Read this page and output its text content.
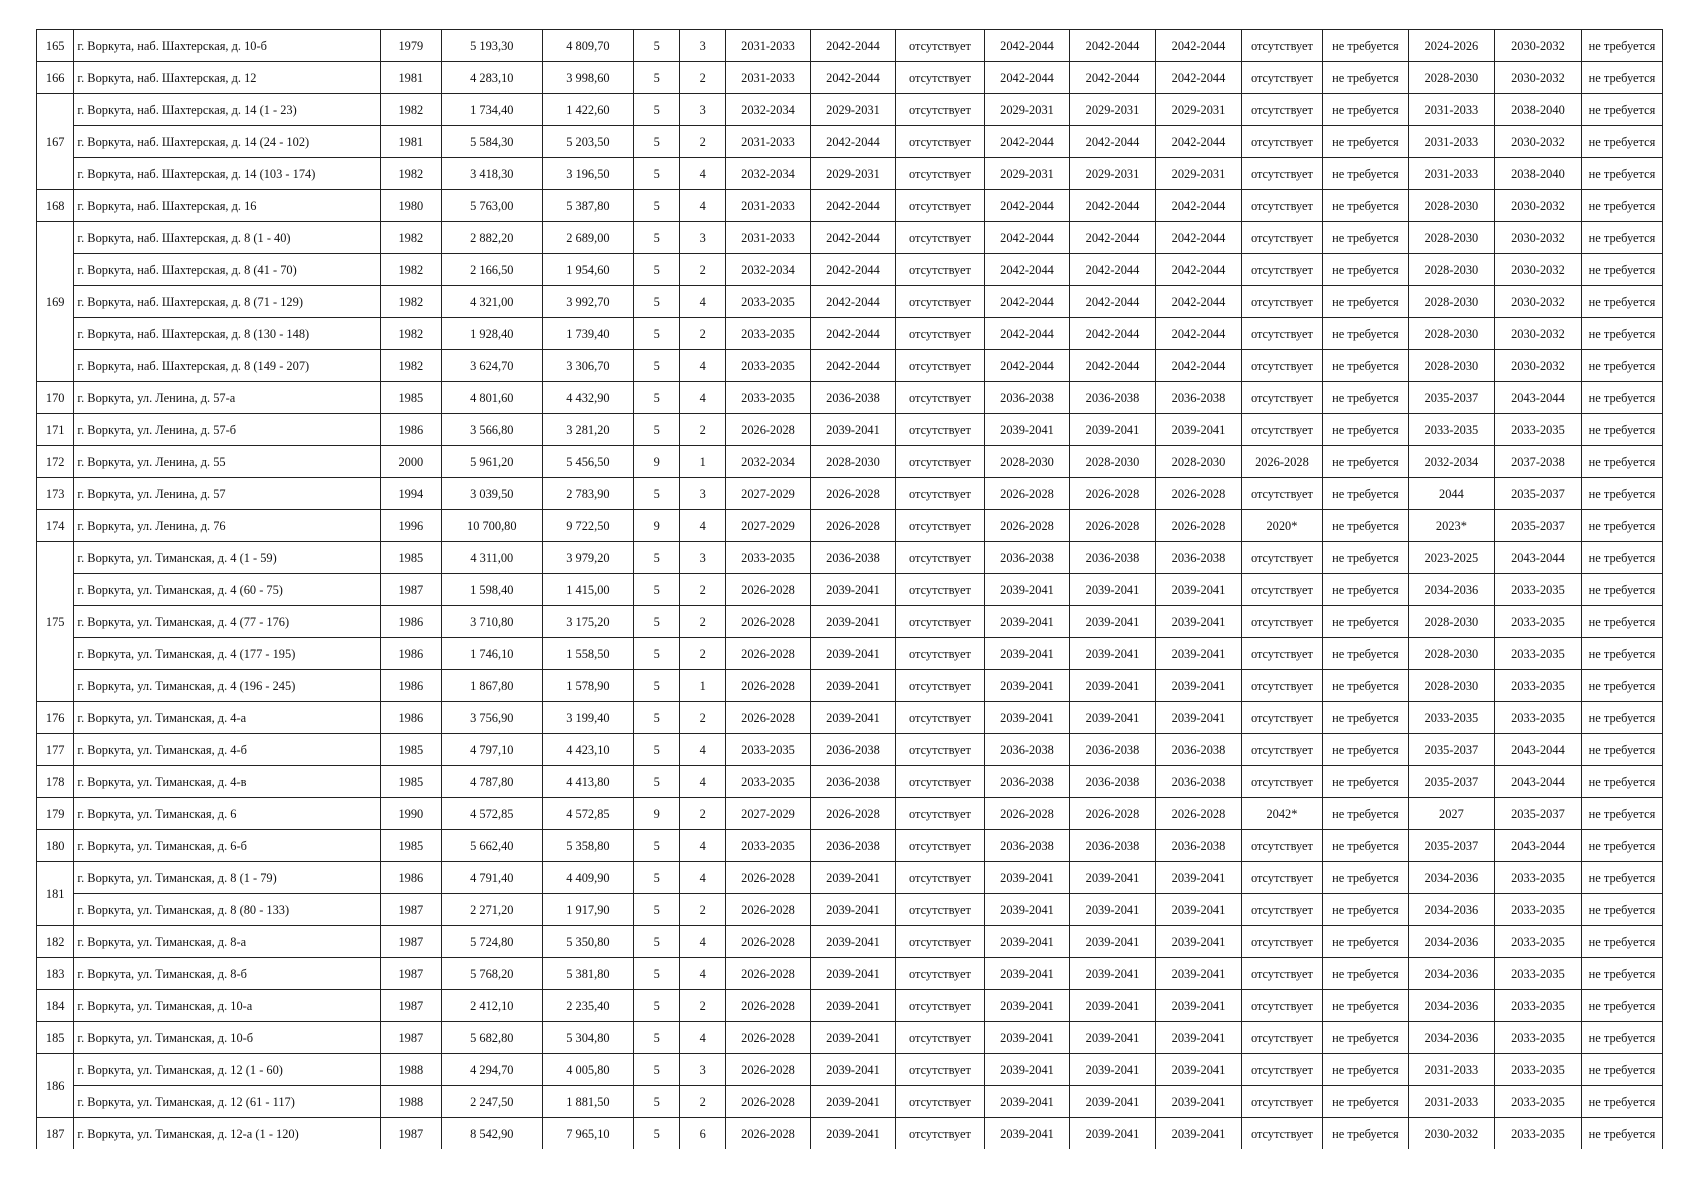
165	г. Воркута, наб. Шахтерская, д. 10-б	1979	5 193,30	4 809,70	5	3	2031-2033	2042-2044	отсутствует	2042-2044	2042-2044	2042-2044	отсутствует	не требуется	2024-2026	2030-2032	не требуется
166	г. Воркута, наб. Шахтерская, д. 12	1981	4 283,10	3 998,60	5	2	2031-2033	2042-2044	отсутствует	2042-2044	2042-2044	2042-2044	отсутствует	не требуется	2028-2030	2030-2032	не требуется
167	г. Воркута, наб. Шахтерская, д. 14 (1 - 23)	1982	1 734,40	1 422,60	5	3	2032-2034	2029-2031	отсутствует	2029-2031	2029-2031	2029-2031	отсутствует	не требуется	2031-2033	2038-2040	не требуется
	г. Воркута, наб. Шахтерская, д. 14 (24 - 102)	1981	5 584,30	5 203,50	5	2	2031-2033	2042-2044	отсутствует	2042-2044	2042-2044	2042-2044	отсутствует	не требуется	2031-2033	2030-2032	не требуется
	г. Воркута, наб. Шахтерская, д. 14 (103 - 174)	1982	3 418,30	3 196,50	5	4	2032-2034	2029-2031	отсутствует	2029-2031	2029-2031	2029-2031	отсутствует	не требуется	2031-2033	2038-2040	не требуется
168	г. Воркута, наб. Шахтерская, д. 16	1980	5 763,00	5 387,80	5	4	2031-2033	2042-2044	отсутствует	2042-2044	2042-2044	2042-2044	отсутствует	не требуется	2028-2030	2030-2032	не требуется
169	г. Воркута, наб. Шахтерская, д. 8 (1 - 40)	1982	2 882,20	2 689,00	5	3	2031-2033	2042-2044	отсутствует	2042-2044	2042-2044	2042-2044	отсутствует	не требуется	2028-2030	2030-2032	не требуется
	г. Воркута, наб. Шахтерская, д. 8 (41 - 70)	1982	2 166,50	1 954,60	5	2	2032-2034	2042-2044	отсутствует	2042-2044	2042-2044	2042-2044	отсутствует	не требуется	2028-2030	2030-2032	не требуется
	г. Воркута, наб. Шахтерская, д. 8 (71 - 129)	1982	4 321,00	3 992,70	5	4	2033-2035	2042-2044	отсутствует	2042-2044	2042-2044	2042-2044	отсутствует	не требуется	2028-2030	2030-2032	не требуется
	г. Воркута, наб. Шахтерская, д. 8 (130 - 148)	1982	1 928,40	1 739,40	5	2	2033-2035	2042-2044	отсутствует	2042-2044	2042-2044	2042-2044	отсутствует	не требуется	2028-2030	2030-2032	не требуется
	г. Воркута, наб. Шахтерская, д. 8 (149 - 207)	1982	3 624,70	3 306,70	5	4	2033-2035	2042-2044	отсутствует	2042-2044	2042-2044	2042-2044	отсутствует	не требуется	2028-2030	2030-2032	не требуется
170	г. Воркута, ул. Ленина, д. 57-а	1985	4 801,60	4 432,90	5	4	2033-2035	2036-2038	отсутствует	2036-2038	2036-2038	2036-2038	отсутствует	не требуется	2035-2037	2043-2044	не требуется
171	г. Воркута, ул. Ленина, д. 57-б	1986	3 566,80	3 281,20	5	2	2026-2028	2039-2041	отсутствует	2039-2041	2039-2041	2039-2041	отсутствует	не требуется	2033-2035	2033-2035	не требуется
172	г. Воркута, ул. Ленина, д. 55	2000	5 961,20	5 456,50	9	1	2032-2034	2028-2030	отсутствует	2028-2030	2028-2030	2028-2030	2026-2028	не требуется	2032-2034	2037-2038	не требуется
173	г. Воркута, ул. Ленина, д. 57	1994	3 039,50	2 783,90	5	3	2027-2029	2026-2028	отсутствует	2026-2028	2026-2028	2026-2028	отсутствует	не требуется	2044	2035-2037	не требуется
174	г. Воркута, ул. Ленина, д. 76	1996	10 700,80	9 722,50	9	4	2027-2029	2026-2028	отсутствует	2026-2028	2026-2028	2026-2028	2020*	не требуется	2023*	2035-2037	не требуется
175	г. Воркута, ул. Тиманская, д. 4 (1 - 59)	1985	4 311,00	3 979,20	5	3	2033-2035	2036-2038	отсутствует	2036-2038	2036-2038	2036-2038	отсутствует	не требуется	2023-2025	2043-2044	не требуется
	г. Воркута, ул. Тиманская, д. 4 (60 - 75)	1987	1 598,40	1 415,00	5	2	2026-2028	2039-2041	отсутствует	2039-2041	2039-2041	2039-2041	отсутствует	не требуется	2034-2036	2033-2035	не требуется
	г. Воркута, ул. Тиманская, д. 4 (77 - 176)	1986	3 710,80	3 175,20	5	2	2026-2028	2039-2041	отсутствует	2039-2041	2039-2041	2039-2041	отсутствует	не требуется	2028-2030	2033-2035	не требуется
	г. Воркута, ул. Тиманская, д. 4 (177 - 195)	1986	1 746,10	1 558,50	5	2	2026-2028	2039-2041	отсутствует	2039-2041	2039-2041	2039-2041	отсутствует	не требуется	2028-2030	2033-2035	не требуется
	г. Воркута, ул. Тиманская, д. 4 (196 - 245)	1986	1 867,80	1 578,90	5	1	2026-2028	2039-2041	отсутствует	2039-2041	2039-2041	2039-2041	отсутствует	не требуется	2028-2030	2033-2035	не требуется
176	г. Воркута, ул. Тиманская, д. 4-а	1986	3 756,90	3 199,40	5	2	2026-2028	2039-2041	отсутствует	2039-2041	2039-2041	2039-2041	отсутствует	не требуется	2033-2035	2033-2035	не требуется
177	г. Воркута, ул. Тиманская, д. 4-б	1985	4 797,10	4 423,10	5	4	2033-2035	2036-2038	отсутствует	2036-2038	2036-2038	2036-2038	отсутствует	не требуется	2035-2037	2043-2044	не требуется
178	г. Воркута, ул. Тиманская, д. 4-в	1985	4 787,80	4 413,80	5	4	2033-2035	2036-2038	отсутствует	2036-2038	2036-2038	2036-2038	отсутствует	не требуется	2035-2037	2043-2044	не требуется
179	г. Воркута, ул. Тиманская, д. 6	1990	4 572,85	4 572,85	9	2	2027-2029	2026-2028	отсутствует	2026-2028	2026-2028	2026-2028	2042*	не требуется	2027	2035-2037	не требуется
180	г. Воркута, ул. Тиманская, д. 6-б	1985	5 662,40	5 358,80	5	4	2033-2035	2036-2038	отсутствует	2036-2038	2036-2038	2036-2038	отсутствует	не требуется	2035-2037	2043-2044	не требуется
181	г. Воркута, ул. Тиманская, д. 8 (1 - 79)	1986	4 791,40	4 409,90	5	4	2026-2028	2039-2041	отсутствует	2039-2041	2039-2041	2039-2041	отсутствует	не требуется	2034-2036	2033-2035	не требуется
	г. Воркута, ул. Тиманская, д. 8 (80 - 133)	1987	2 271,20	1 917,90	5	2	2026-2028	2039-2041	отсутствует	2039-2041	2039-2041	2039-2041	отсутствует	не требуется	2034-2036	2033-2035	не требуется
182	г. Воркута, ул. Тиманская, д. 8-а	1987	5 724,80	5 350,80	5	4	2026-2028	2039-2041	отсутствует	2039-2041	2039-2041	2039-2041	отсутствует	не требуется	2034-2036	2033-2035	не требуется
183	г. Воркута, ул. Тиманская, д. 8-б	1987	5 768,20	5 381,80	5	4	2026-2028	2039-2041	отсутствует	2039-2041	2039-2041	2039-2041	отсутствует	не требуется	2034-2036	2033-2035	не требуется
184	г. Воркута, ул. Тиманская, д. 10-а	1987	2 412,10	2 235,40	5	2	2026-2028	2039-2041	отсутствует	2039-2041	2039-2041	2039-2041	отсутствует	не требуется	2034-2036	2033-2035	не требуется
185	г. Воркута, ул. Тиманская, д. 10-б	1987	5 682,80	5 304,80	5	4	2026-2028	2039-2041	отсутствует	2039-2041	2039-2041	2039-2041	отсутствует	не требуется	2034-2036	2033-2035	не требуется
186	г. Воркута, ул. Тиманская, д. 12 (1 - 60)	1988	4 294,70	4 005,80	5	3	2026-2028	2039-2041	отсутствует	2039-2041	2039-2041	2039-2041	отсутствует	не требуется	2031-2033	2033-2035	не требуется
	г. Воркута, ул. Тиманская, д. 12 (61 - 117)	1988	2 247,50	1 881,50	5	2	2026-2028	2039-2041	отсутствует	2039-2041	2039-2041	2039-2041	отсутствует	не требуется	2031-2033	2033-2035	не требуется
187	г. Воркута, ул. Тиманская, д. 12-а (1 - 120)	1987	8 542,90	7 965,10	5	6	2026-2028	2039-2041	отсутствует	2039-2041	2039-2041	2039-2041	отсутствует	не требуется	2030-2032	2033-2035	не требуется
